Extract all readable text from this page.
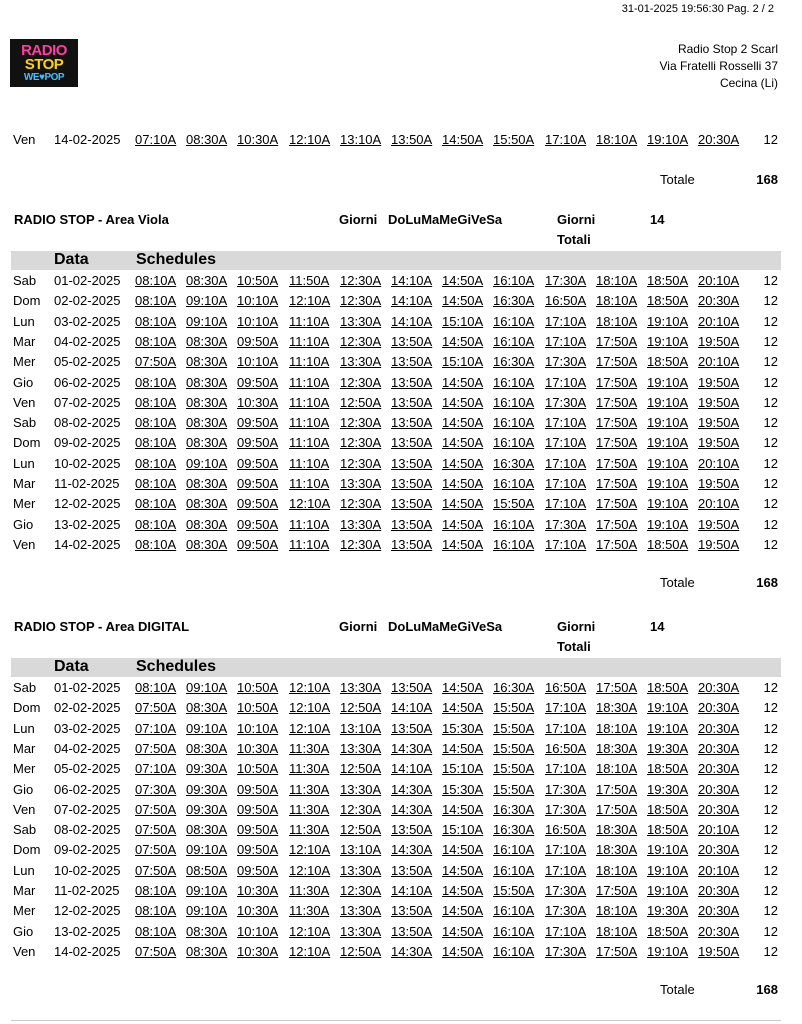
31-01-2025 19:56:30 Pag. 2 / 2
RADIO
STOP
WE♥POP
Radio Stop 2 Scarl
Via Fratelli Rosselli 37
Cecina (Li)
Ven 14-02-2025 07:10A 08:30A 10:30A 12:10A 13:10A 13:50A 14:50A 15:50A 17:10A 18:10A 19:10A 20:30A 12
Totale	168
RADIO STOP - Area Viola	Giorni DoLuMaMeGiVeSa	Giorni	14
Totali
Data	Schedules
Sab 01-02-2025 08:10A 08:30A 10:50A 11:50A 12:30A 14:10A 14:50A 16:10A 17:30A 18:10A 18:50A 20:10A 12
Dom 02-02-2025 08:10A 09:10A 10:10A 12:10A 12:30A 14:10A 14:50A 16:30A 16:50A 18:10A 18:50A 20:30A 12
Lun 03-02-2025 08:10A 09:10A 10:10A 11:10A 13:30A 14:10A 15:10A 16:10A 17:10A 18:10A 19:10A 20:10A 12
Mar 04-02-2025 08:10A 08:30A 09:50A 11:10A 12:30A 13:50A 14:50A 16:10A 17:10A 17:50A 19:10A 19:50A 12
Mer 05-02-2025 07:50A 08:30A 10:10A 11:10A 13:30A 13:50A 15:10A 16:30A 17:30A 17:50A 18:50A 20:10A 12
Gio 06-02-2025 08:10A 08:30A 09:50A 11:10A 12:30A 13:50A 14:50A 16:10A 17:10A 17:50A 19:10A 19:50A 12
Ven 07-02-2025 08:10A 08:30A 10:30A 11:10A 12:50A 13:50A 14:50A 16:10A 17:30A 17:50A 19:10A 19:50A 12
Sab 08-02-2025 08:10A 08:30A 09:50A 11:10A 12:30A 13:50A 14:50A 16:10A 17:10A 17:50A 19:10A 19:50A 12
Dom 09-02-2025 08:10A 08:30A 09:50A 11:10A 12:30A 13:50A 14:50A 16:10A 17:10A 17:50A 19:10A 19:50A 12
Lun 10-02-2025 08:10A 09:10A 09:50A 11:10A 12:30A 13:50A 14:50A 16:30A 17:10A 17:50A 19:10A 20:10A 12
Mar 11-02-2025 08:10A 08:30A 09:50A 11:10A 13:30A 13:50A 14:50A 16:10A 17:10A 17:50A 19:10A 19:50A 12
Mer 12-02-2025 08:10A 08:30A 09:50A 12:10A 12:30A 13:50A 14:50A 15:50A 17:10A 17:50A 19:10A 20:10A 12
Gio 13-02-2025 08:10A 08:30A 09:50A 11:10A 13:30A 13:50A 14:50A 16:10A 17:30A 17:50A 19:10A 19:50A 12
Ven 14-02-2025 08:10A 08:30A 09:50A 11:10A 12:30A 13:50A 14:50A 16:10A 17:10A 17:50A 18:50A 19:50A 12
Totale	168
RADIO STOP - Area DIGITAL	Giorni DoLuMaMeGiVeSa	Giorni	14
Totali
Data	Schedules
Sab 01-02-2025 08:10A 09:10A 10:50A 12:10A 13:30A 13:50A 14:50A 16:30A 16:50A 17:50A 18:50A 20:30A 12
Dom 02-02-2025 07:50A 08:30A 10:50A 12:10A 12:50A 14:10A 14:50A 15:50A 17:10A 18:30A 19:10A 20:30A 12
Lun 03-02-2025 07:10A 09:10A 10:10A 12:10A 13:10A 13:50A 15:30A 15:50A 17:10A 18:10A 19:10A 20:30A 12
Mar 04-02-2025 07:50A 08:30A 10:30A 11:30A 13:30A 14:30A 14:50A 15:50A 16:50A 18:30A 19:30A 20:30A 12
Mer 05-02-2025 07:10A 09:30A 10:50A 11:30A 12:50A 14:10A 15:10A 15:50A 17:10A 18:10A 18:50A 20:30A 12
Gio 06-02-2025 07:30A 09:30A 09:50A 11:30A 13:30A 14:30A 15:30A 15:50A 17:30A 17:50A 19:30A 20:30A 12
Ven 07-02-2025 07:50A 09:30A 09:50A 11:30A 12:30A 14:30A 14:50A 16:30A 17:30A 17:50A 18:50A 20:30A 12
Sab 08-02-2025 07:50A 08:30A 09:50A 11:30A 12:50A 13:50A 15:10A 16:30A 16:50A 18:30A 18:50A 20:10A 12
Dom 09-02-2025 07:50A 09:10A 09:50A 12:10A 13:10A 14:30A 14:50A 16:10A 17:10A 18:30A 19:10A 20:30A 12
Lun 10-02-2025 07:50A 08:50A 09:50A 12:10A 13:30A 13:50A 14:50A 16:10A 17:10A 18:10A 19:10A 20:10A 12
Mar 11-02-2025 08:10A 09:10A 10:30A 11:30A 12:30A 14:10A 14:50A 15:50A 17:30A 17:50A 19:10A 20:30A 12
Mer 12-02-2025 08:10A 09:10A 10:30A 11:30A 13:30A 13:50A 14:50A 16:10A 17:30A 18:10A 19:30A 20:30A 12
Gio 13-02-2025 08:10A 08:30A 10:10A 12:10A 13:30A 13:50A 14:50A 16:10A 17:10A 18:10A 18:50A 20:30A 12
Ven 14-02-2025 07:50A 08:30A 10:30A 12:10A 12:50A 14:30A 14:50A 16:10A 17:30A 17:50A 19:10A 19:50A 12
Totale	168
